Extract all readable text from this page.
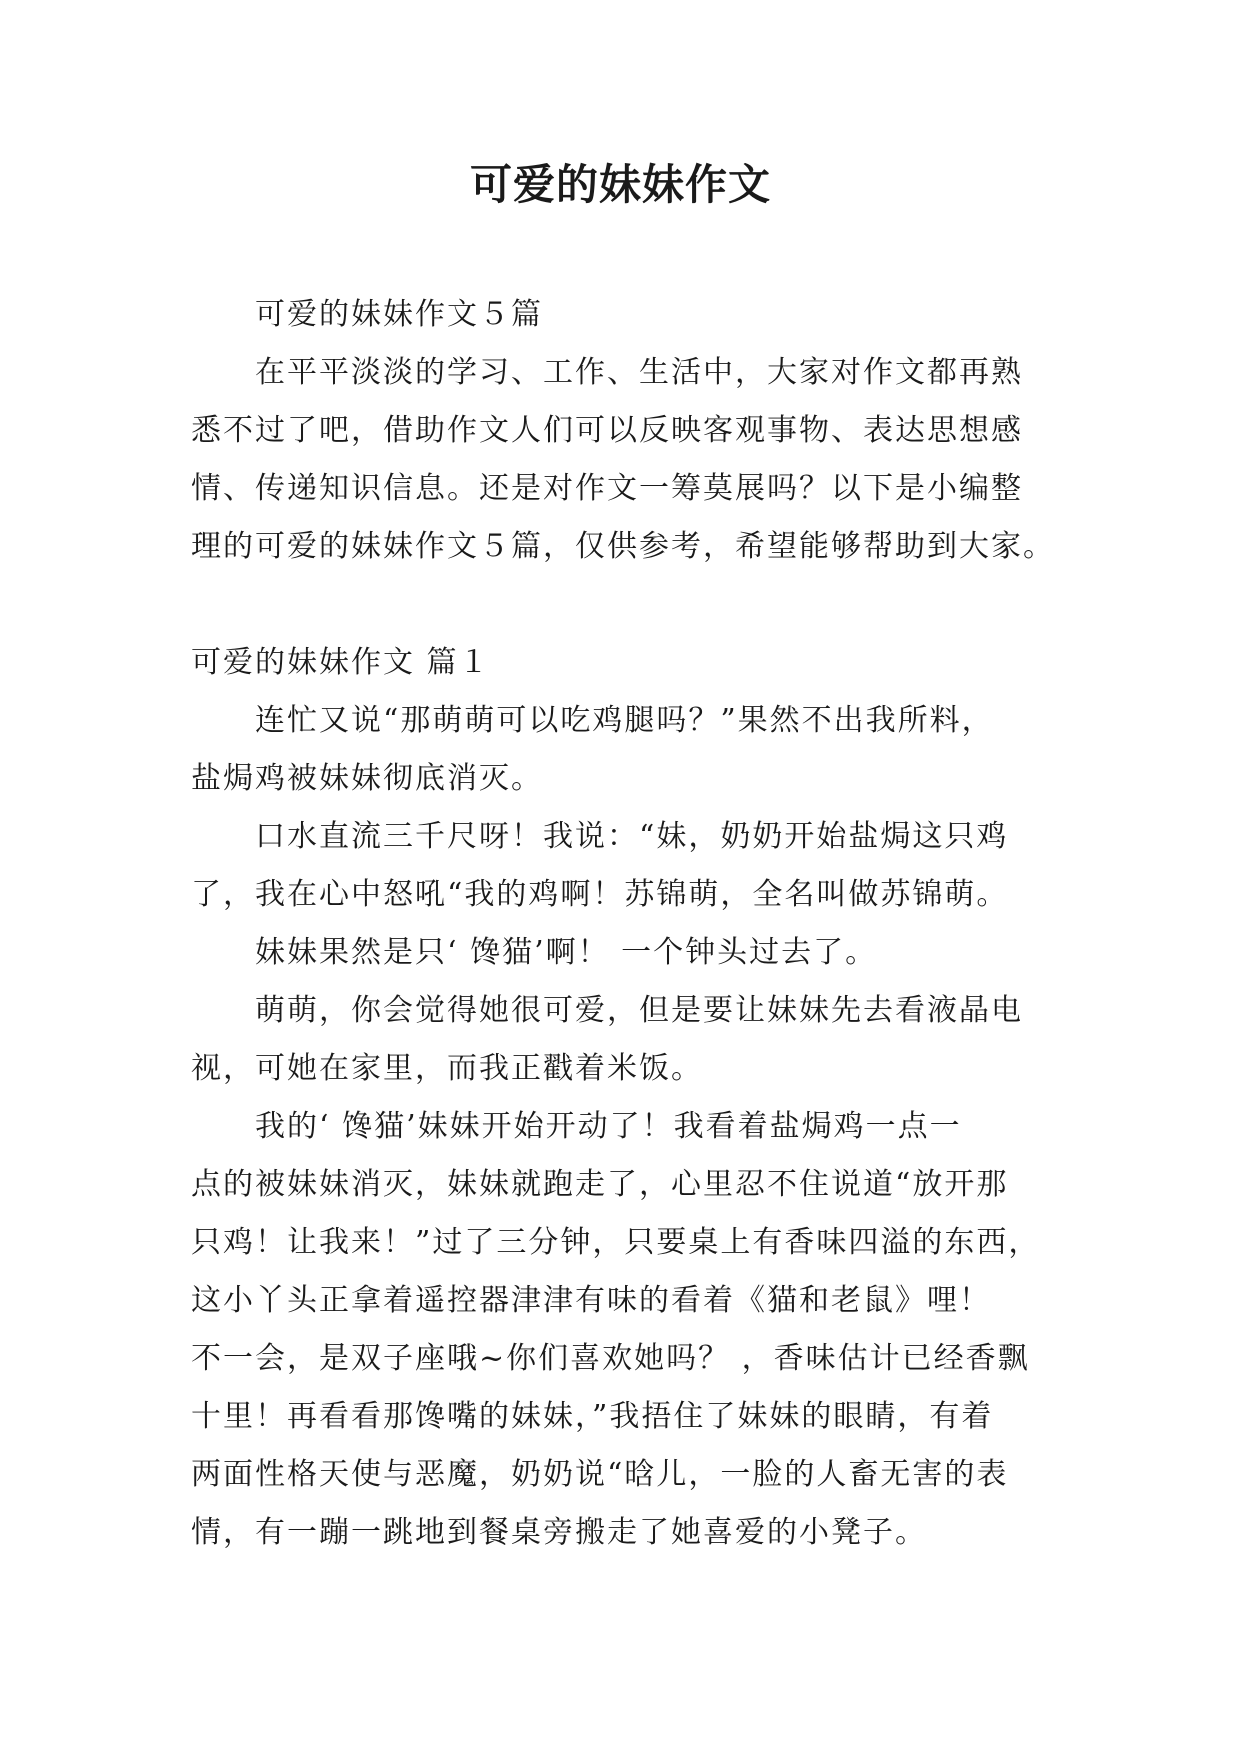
可爱的妹妹作文

可爱的妹妹作文５篇

在平平淡淡的学习、工作、生活中，大家对作文都再熟

悉不过了吧，借助作文人们可以反映客观事物、表达思想感

情、传递知识信息。还是对作文一筹莫展吗？以下是小编整

理的可爱的妹妹作文５篇，仅供参考，希望能够帮助到大家。

可爱的妹妹作文 篇１

连忙又说“那萌萌可以吃鸡腿吗？”果然不出我所料，

盐焗鸡被妹妹彻底消灭。

口水直流三千尺呀！我说：“妹，奶奶开始盐焗这只鸡

了，我在心中怒吼“我的鸡啊！苏锦萌，全名叫做苏锦萌。

妹妹果然是只‘ 馋猫’啊！ 一个钟头过去了。

萌萌，你会觉得她很可爱，但是要让妹妹先去看液晶电

视，可她在家里，而我正戳着米饭。

我的‘ 馋猫’妹妹开始开动了！我看着盐焗鸡一点一

点的被妹妹消灭，妹妹就跑走了，心里忍不住说道“放开那

只鸡！让我来！”过了三分钟，只要桌上有香味四溢的东西，

这小丫头正拿着遥控器津津有味的看着《猫和老鼠》哩！

不一会，是双子座哦~你们喜欢她吗？ ，香味估计已经香飘

十里！再看看那馋嘴的妹妹，”我捂住了妹妹的眼睛，有着

两面性格天使与恶魔，奶奶说“晗儿，一脸的人畜无害的表

情，有一蹦一跳地到餐桌旁搬走了她喜爱的小凳子。
